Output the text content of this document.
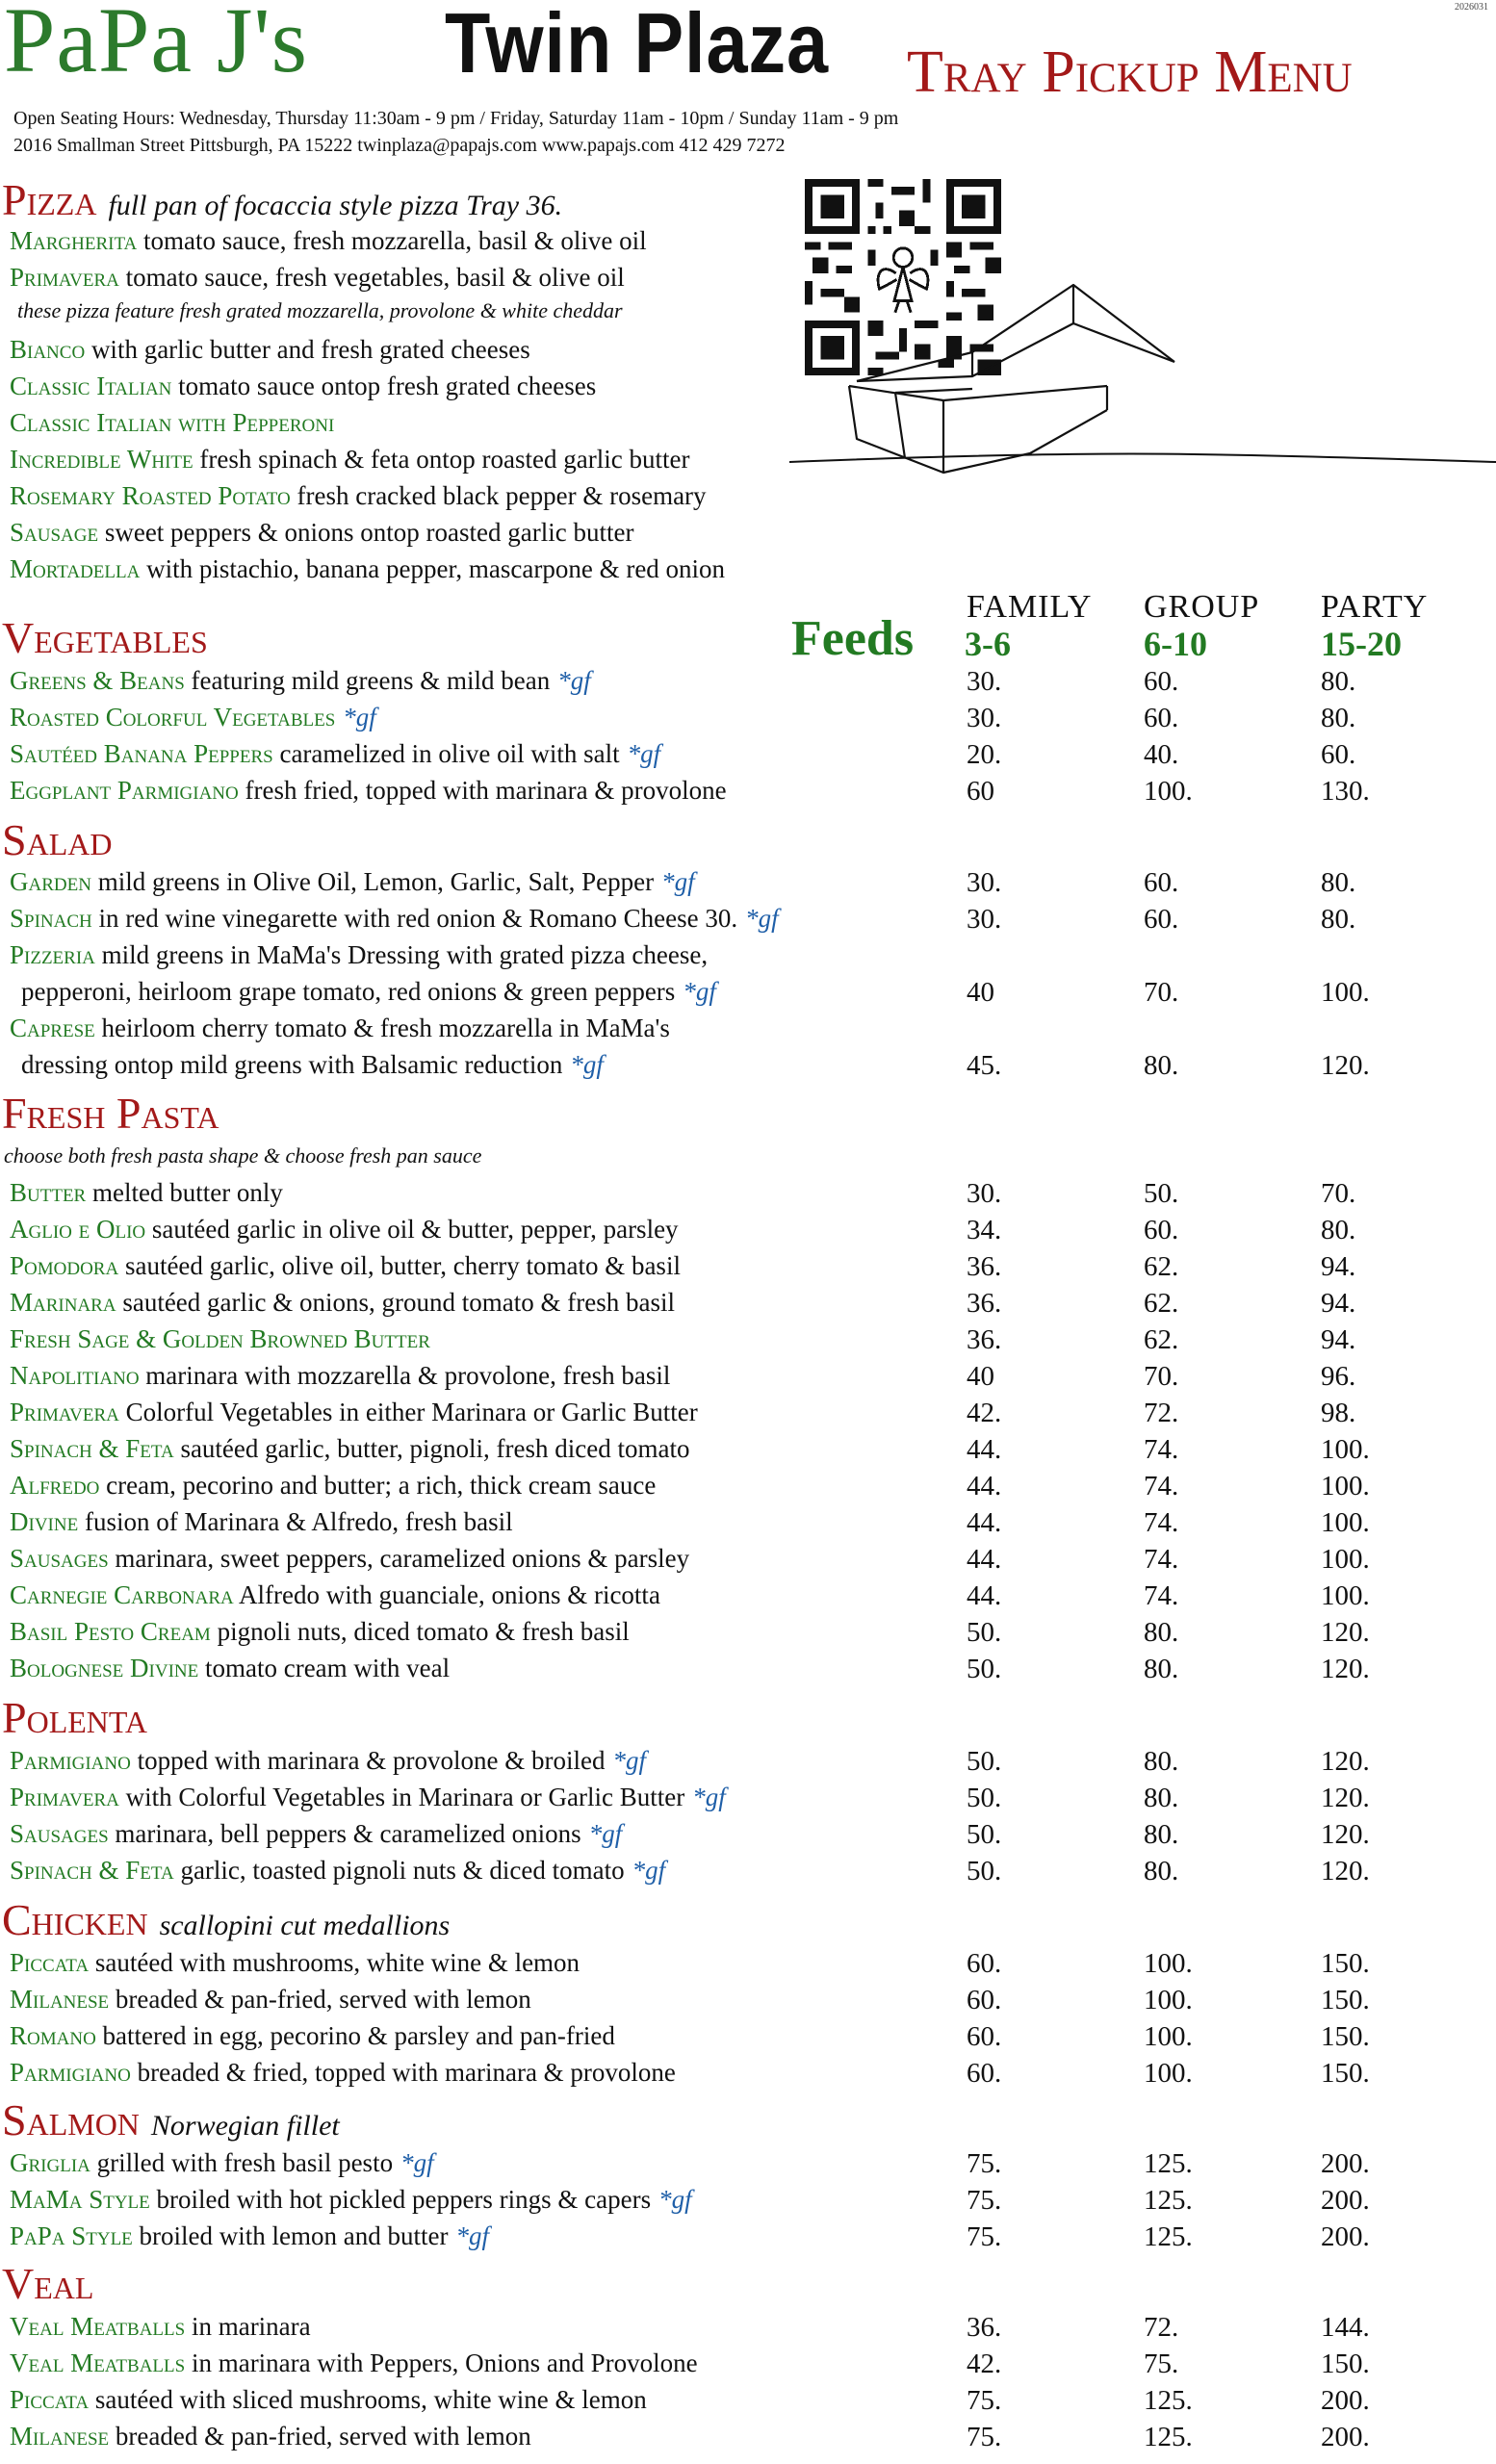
PaPa J's Twin Plaza Tray Pickup Menu
2026031
Open Seating Hours: Wednesday, Thursday 11:30am - 9 pm / Friday, Saturday 11am - 10pm / Sunday 11am - 9 pm
2016 Smallman Street Pittsburgh, PA 15222 twinplaza@papajs.com www.papajs.com 412 429 7272
Pizza full pan of focaccia style pizza Tray 36.
Margherita tomato sauce, fresh mozzarella, basil & olive oil
Primavera tomato sauce, fresh vegetables, basil & olive oil
these pizza feature fresh grated mozzarella, provolone & white cheddar
Bianco with garlic butter and fresh grated cheeses
Classic Italian tomato sauce ontop fresh grated cheeses
Classic Italian with Pepperoni
Incredible White fresh spinach & feta ontop roasted garlic butter
Rosemary Roasted Potato fresh cracked black pepper & rosemary
Sausage sweet peppers & onions ontop roasted garlic butter
Mortadella with pistachio, banana pepper, mascarpone & red onion
Feeds
FAMILY GROUP PARTY
3-6	6-10	15-20
Vegetables
Greens & Beans featuring mild greens & mild bean *gf	30.	60.	80.
Roasted Colorful Vegetables *gf	30.	60.	80.
Sautéed Banana Peppers caramelized in olive oil with salt *gf	20.	40.	60.
Eggplant Parmigiano fresh fried, topped with marinara & provolone	60	100.	130.
Salad
Garden mild greens in Olive Oil, Lemon, Garlic, Salt, Pepper *gf	30.	60.	80.
Spinach in red wine vinegarette with red onion & Romano Cheese 30. *gf	30.	60.	80.
Pizzeria mild greens in MaMa's Dressing with grated pizza cheese,
pepperoni, heirloom grape tomato, red onions & green peppers *gf	40	70.	100.
Caprese heirloom cherry tomato & fresh mozzarella in MaMa's
dressing ontop mild greens with Balsamic reduction *gf	45.	80.	120.
Fresh Pasta
choose both fresh pasta shape & choose fresh pan sauce
Butter melted butter only	30.	50.	70.
Aglio e Olio sautéed garlic in olive oil & butter, pepper, parsley	34.	60.	80.
Pomodora sautéed garlic, olive oil, butter, cherry tomato & basil	36.	62.	94.
Marinara sautéed garlic & onions, ground tomato & fresh basil	36.	62.	94.
Fresh Sage & Golden Browned Butter	36.	62.	94.
Napolitiano marinara with mozzarella & provolone, fresh basil	40	70.	96.
Primavera Colorful Vegetables in either Marinara or Garlic Butter	42.	72.	98.
Spinach & Feta sautéed garlic, butter, pignoli, fresh diced tomato	44.	74.	100.
Alfredo cream, pecorino and butter; a rich, thick cream sauce	44.	74.	100.
Divine fusion of Marinara & Alfredo, fresh basil	44.	74.	100.
Sausages marinara, sweet peppers, caramelized onions & parsley	44.	74.	100.
Carnegie Carbonara Alfredo with guanciale, onions & ricotta	44.	74.	100.
Basil Pesto Cream pignoli nuts, diced tomato & fresh basil	50.	80.	120.
Bolognese Divine tomato cream with veal	50.	80.	120.
Polenta
Parmigiano topped with marinara & provolone & broiled *gf	50.	80.	120.
Primavera with Colorful Vegetables in Marinara or Garlic Butter *gf	50.	80.	120.
Sausages marinara, bell peppers & caramelized onions *gf	50.	80.	120.
Spinach & Feta garlic, toasted pignoli nuts & diced tomato *gf	50.	80.	120.
Chicken scallopini cut medallions
Piccata sautéed with mushrooms, white wine & lemon	60.	100.	150.
Milanese breaded & pan-fried, served with lemon	60.	100.	150.
Romano battered in egg, pecorino & parsley and pan-fried	60.	100.	150.
Parmigiano breaded & fried, topped with marinara & provolone	60.	100.	150.
Salmon Norwegian fillet
Griglia grilled with fresh basil pesto *gf	75.	125.	200.
MaMa Style broiled with hot pickled peppers rings & capers *gf	75.	125.	200.
PaPa Style broiled with lemon and butter *gf	75.	125.	200.
Veal
Veal Meatballs in marinara	36.	72.	144.
Veal Meatballs in marinara with Peppers, Onions and Provolone	42.	75.	150.
Piccata sautéed with sliced mushrooms, white wine & lemon	75.	125.	200.
Milanese breaded & pan-fried, served with lemon	75.	125.	200.
